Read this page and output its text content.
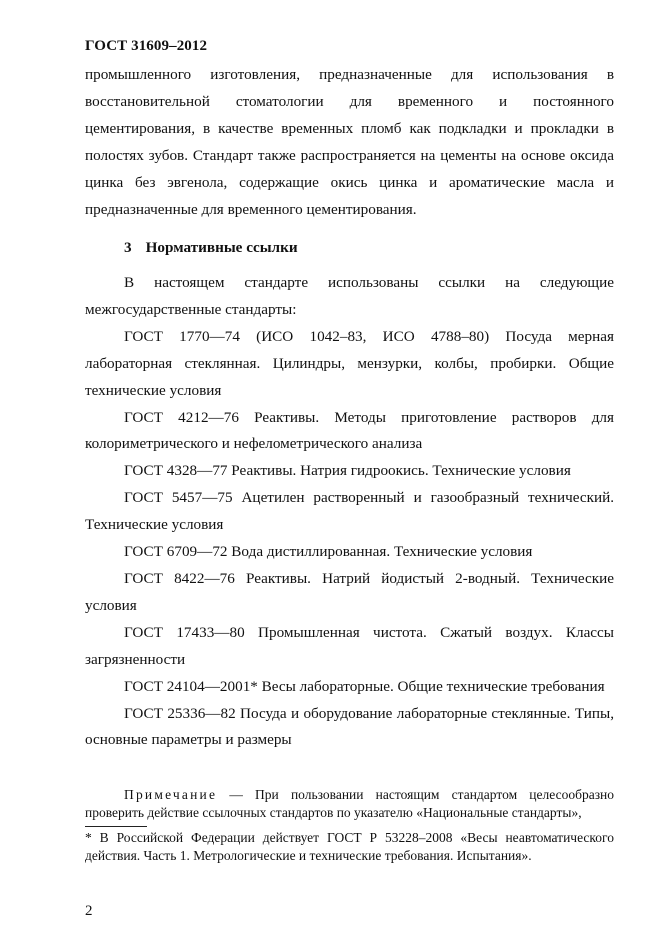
ГОСТ 31609–2012

промышленного изготовления, предназначенные для использования в восстановительной стоматологии для временного и постоянного цементирования, в качестве временных пломб как подкладки и прокладки в полостях зубов. Стандарт также распространяется на цементы на основе оксида цинка без эвгенола, содержащие окись цинка и ароматические масла и предназначенные для временного цементирования.

3 Нормативные ссылки

В настоящем стандарте использованы ссылки на следующие межгосударственные стандарты:

ГОСТ 1770—74 (ИСО 1042–83, ИСО 4788–80) Посуда мерная лабораторная стеклянная. Цилиндры, мензурки, колбы, пробирки. Общие технические условия

ГОСТ 4212—76 Реактивы. Методы приготовление растворов для колориметрического и нефелометрического анализа

ГОСТ 4328—77 Реактивы. Натрия гидроокись. Технические условия

ГОСТ 5457—75 Ацетилен растворенный и газообразный технический. Технические условия

ГОСТ 6709—72 Вода дистиллированная. Технические условия

ГОСТ 8422—76 Реактивы. Натрий йодистый 2-водный. Технические условия

ГОСТ 17433—80 Промышленная чистота. Сжатый воздух. Классы загрязненности

ГОСТ 24104—2001* Весы лабораторные. Общие технические требования

ГОСТ 25336—82 Посуда и оборудование лабораторные стеклянные. Типы, основные параметры и размеры

Примечание — При пользовании настоящим стандартом целесообразно проверить действие ссылочных стандартов по указателю «Национальные стандарты»,
* В Российской Федерации действует ГОСТ Р 53228–2008 «Весы неавтоматического действия. Часть 1. Метрологические и технические требования. Испытания».
2
